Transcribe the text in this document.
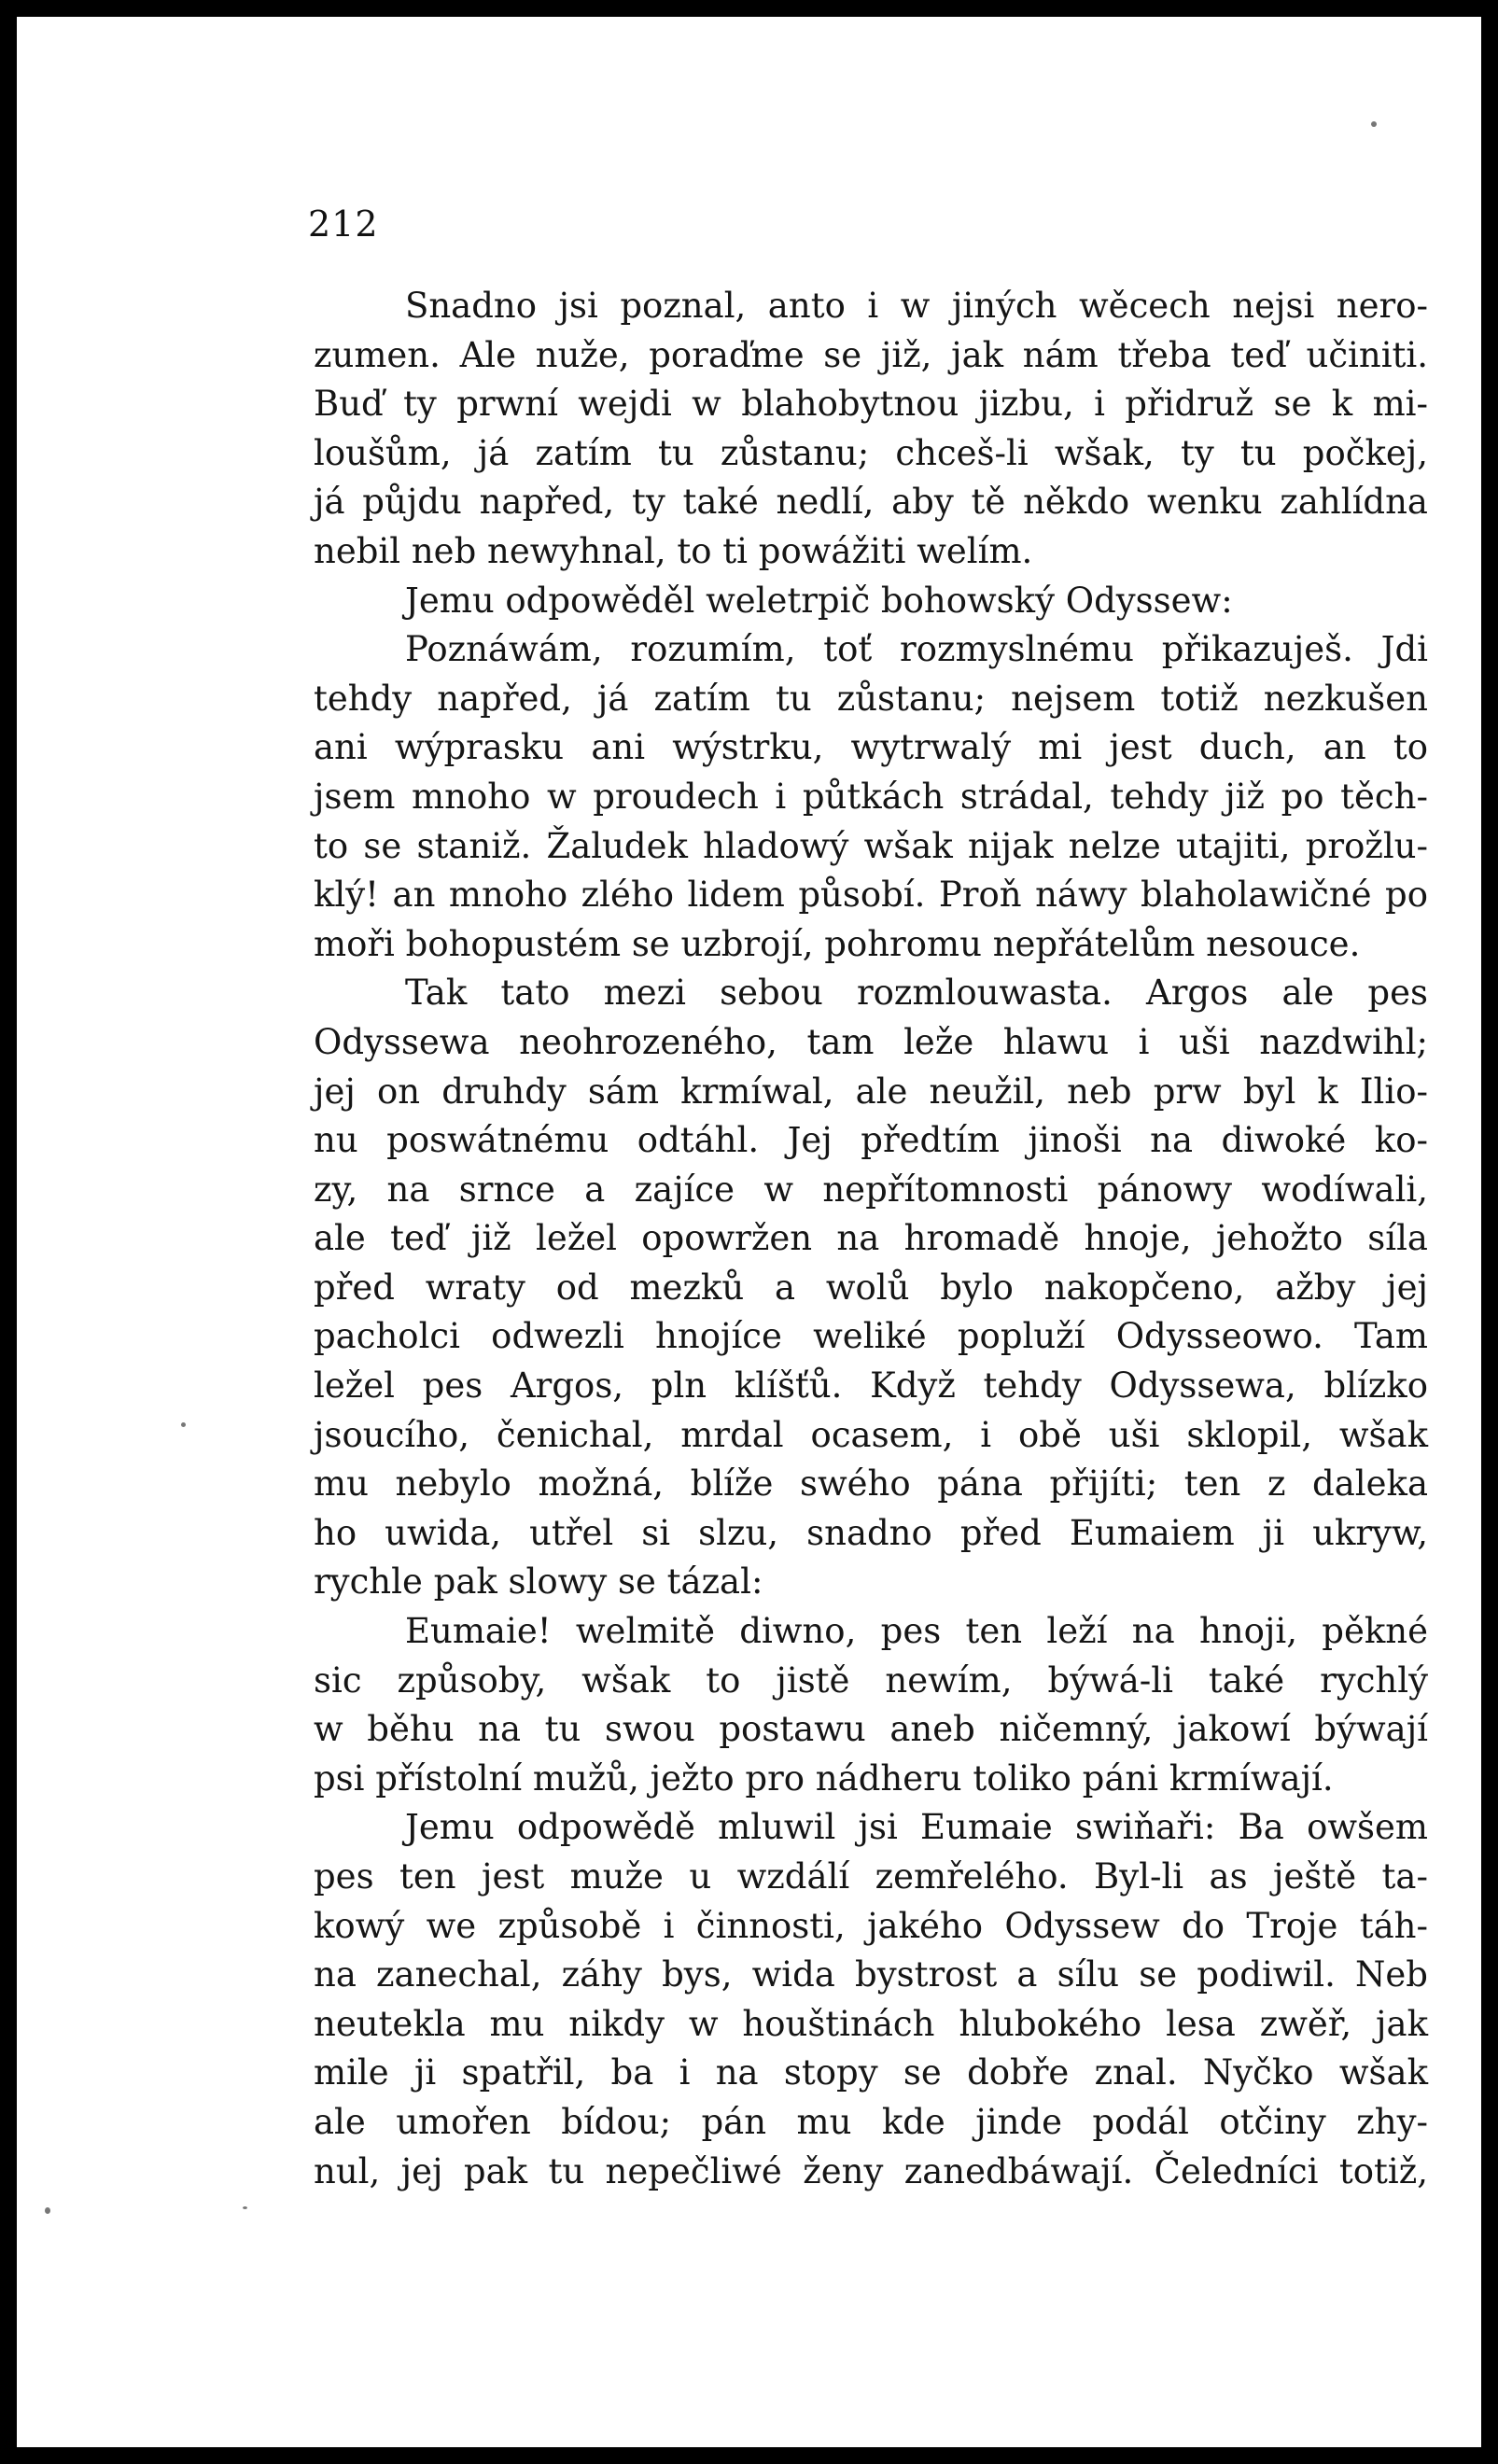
212
Snadno jsi poznal, anto i w jiných wěcech nejsi nero-
zumen. Ale nuže, poraďme se již, jak nám třeba teď učiniti.
Buď ty prwní wejdi w blahobytnou jizbu, i přidruž se k mi-
loušům, já zatím tu zůstanu; chceš-li wšak, ty tu počkej,
já půjdu napřed, ty také nedlí, aby tě někdo wenku zahlídna
nebil neb newyhnal, to ti powážiti welím.
Jemu odpowěděl weletrpič bohowský Odyssew:
Poznáwám, rozumím, toť rozmyslnému přikazuješ. Jdi
tehdy napřed, já zatím tu zůstanu; nejsem totiž nezkušen
ani wýprasku ani wýstrku, wytrwalý mi jest duch, an to
jsem mnoho w proudech i půtkách strádal, tehdy již po těch-
to se staniž. Žaludek hladowý wšak nijak nelze utajiti, prožlu-
klý! an mnoho zlého lidem působí. Proň náwy blaholawičné po
moři bohopustém se uzbrojí, pohromu nepřátelům nesouce.
Tak tato mezi sebou rozmlouwasta. Argos ale pes
Odyssewa neohrozeného, tam leže hlawu i uši nazdwihl;
jej on druhdy sám krmíwal, ale neužil, neb prw byl k Ilio-
nu poswátnému odtáhl. Jej předtím jinoši na diwoké ko-
zy, na srnce a zajíce w nepřítomnosti pánowy wodíwali,
ale teď již ležel opowržen na hromadě hnoje, jehožto síla
před wraty od mezků a wolů bylo nakopčeno, ažby jej
pacholci odwezli hnojíce weliké popluží Odysseowo. Tam
ležel pes Argos, pln klíšťů. Když tehdy Odyssewa, blízko
jsoucího, čenichal, mrdal ocasem, i obě uši sklopil, wšak
mu nebylo možná, blíže swého pána přijíti; ten z daleka
ho uwida, utřel si slzu, snadno před Eumaiem ji ukryw,
rychle pak slowy se tázal:
Eumaie! welmitě diwno, pes ten leží na hnoji, pěkné
sic způsoby, wšak to jistě newím, býwá-li také rychlý
w běhu na tu swou postawu aneb ničemný, jakowí býwají
psi přístolní mužů, ježto pro nádheru toliko páni krmíwají.
Jemu odpowědě mluwil jsi Eumaie swiňaři: Ba owšem
pes ten jest muže u wzdálí zemřelého. Byl-li as ještě ta-
kowý we způsobě i činnosti, jakého Odyssew do Troje táh-
na zanechal, záhy bys, wida bystrost a sílu se podiwil. Neb
neutekla mu nikdy w houštinách hlubokého lesa zwěř, jak
mile ji spatřil, ba i na stopy se dobře znal. Nyčko wšak
ale umořen bídou; pán mu kde jinde podál otčiny zhy-
nul, jej pak tu nepečliwé ženy zanedbáwají. Čeledníci totiž,
